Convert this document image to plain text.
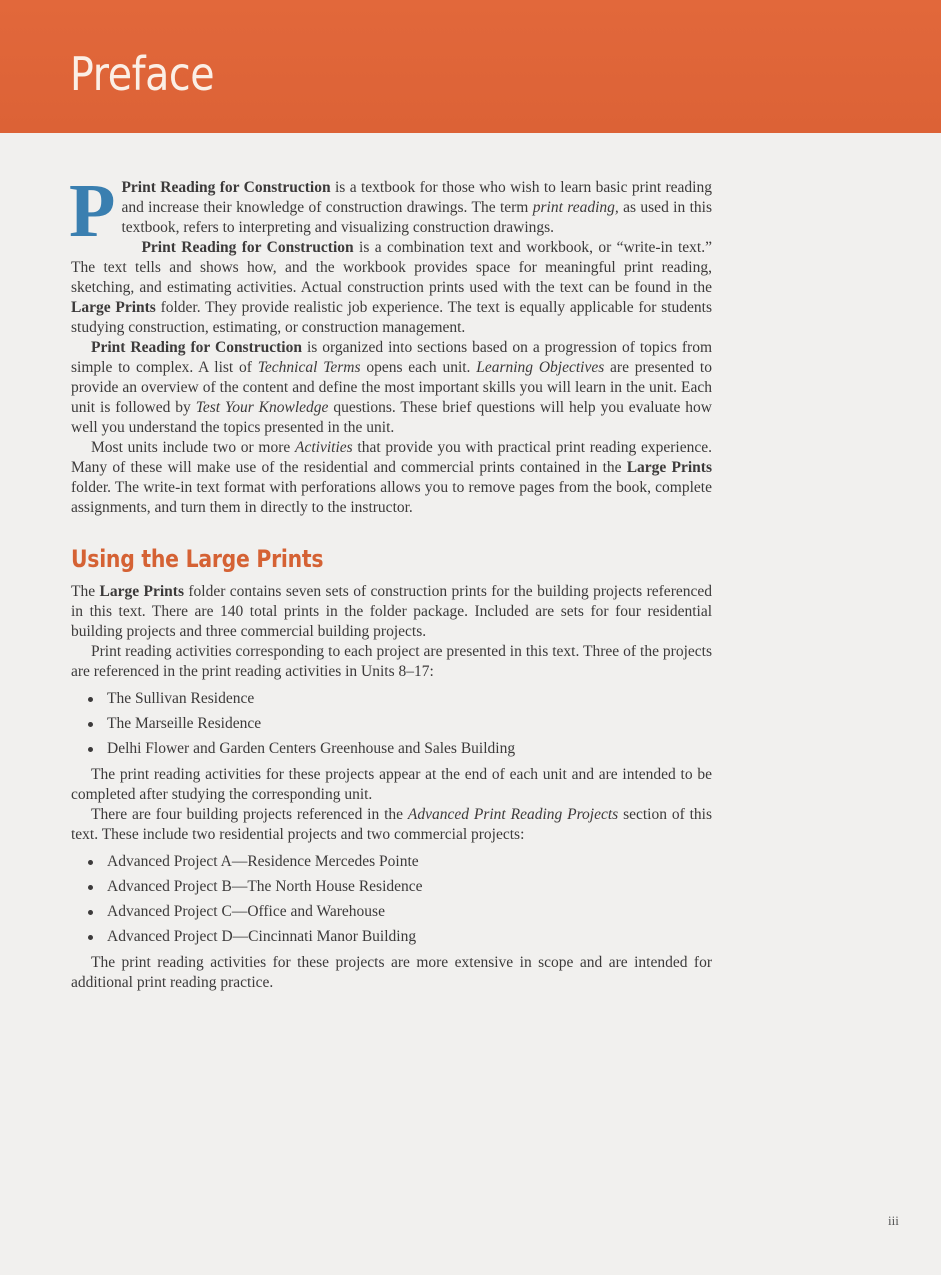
Preface

P Print Reading for Construction is a textbook for those who wish to learn basic print reading and increase their knowledge of construction drawings. The term print reading, as used in this textbook, refers to interpreting and visualizing construction drawings.

Print Reading for Construction is a combination text and workbook, or “write-in text.” The text tells and shows how, and the workbook provides space for meaningful print reading, sketching, and estimating activities. Actual construction prints used with the text can be found in the Large Prints folder. They provide realistic job experience. The text is equally applicable for students studying construction, estimating, or construction management.

Print Reading for Construction is organized into sections based on a progression of topics from simple to complex. A list of Technical Terms opens each unit. Learning Objectives are presented to provide an overview of the content and define the most important skills you will learn in the unit. Each unit is followed by Test Your Knowledge questions. These brief questions will help you evaluate how well you understand the topics presented in the unit.

Most units include two or more Activities that provide you with practical print reading experience. Many of these will make use of the residential and commercial prints contained in the Large Prints folder. The write-in text format with perforations allows you to remove pages from the book, complete assignments, and turn them in directly to the instructor.

Using the Large Prints

The Large Prints folder contains seven sets of construction prints for the building projects referenced in this text. There are 140 total prints in the folder package. Included are sets for four residential building projects and three commercial building projects.

Print reading activities corresponding to each project are presented in this text. Three of the projects are referenced in the print reading activities in Units 8–17:

The Sullivan Residence
The Marseille Residence
Delhi Flower and Garden Centers Greenhouse and Sales Building

The print reading activities for these projects appear at the end of each unit and are intended to be completed after studying the corresponding unit.

There are four building projects referenced in the Advanced Print Reading Projects section of this text. These include two residential projects and two commercial projects:

Advanced Project A—Residence Mercedes Pointe
Advanced Project B—The North House Residence
Advanced Project C—Office and Warehouse
Advanced Project D—Cincinnati Manor Building

The print reading activities for these projects are more extensive in scope and are intended for additional print reading practice.

iii
